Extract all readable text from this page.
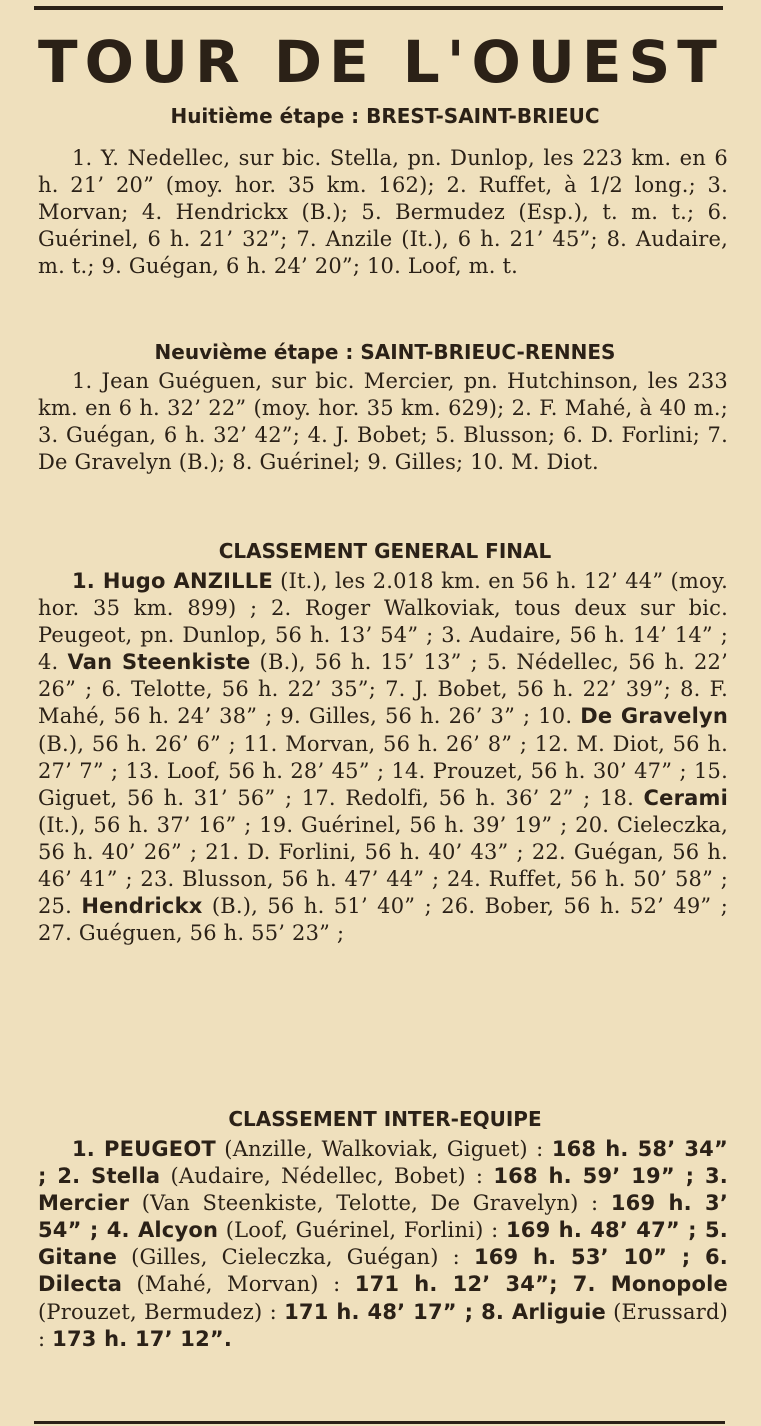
TOUR DE L'OUEST
Huitième étape : BREST-SAINT-BRIEUC
1. Y. Nedellec, sur bic. Stella, pn. Dunlop, les 223 km. en 6 h. 21’ 20” (moy. hor. 35 km. 162); 2. Ruffet, à 1/2 long.; 3. Morvan; 4. Hendrickx (B.); 5. Bermudez (Esp.), t. m. t.; 6. Guérinel, 6 h. 21’ 32”; 7. Anzile (It.), 6 h. 21’ 45”; 8. Audaire, m. t.; 9. Guégan, 6 h. 24’ 20”; 10. Loof, m. t.
Neuvième étape : SAINT-BRIEUC-RENNES
1. Jean Guéguen, sur bic. Mercier, pn. Hutchinson, les 233 km. en 6 h. 32’ 22” (moy. hor. 35 km. 629); 2. F. Mahé, à 40 m.; 3. Guégan, 6 h. 32’ 42”; 4. J. Bobet; 5. Blusson; 6. D. Forlini; 7. De Gravelyn (B.); 8. Guérinel; 9. Gilles; 10. M. Diot.
CLASSEMENT GENERAL FINAL
1. Hugo ANZILLE (It.), les 2.018 km. en 56 h. 12’ 44” (moy. hor. 35 km. 899) ; 2. Roger Walkoviak, tous deux sur bic. Peugeot, pn. Dunlop, 56 h. 13’ 54” ; 3. Audaire, 56 h. 14’ 14” ; 4. Van Steenkiste (B.), 56 h. 15’ 13” ; 5. Nédellec, 56 h. 22’ 26” ; 6. Telotte, 56 h. 22’ 35”; 7. J. Bobet, 56 h. 22’ 39”; 8. F. Mahé, 56 h. 24’ 38” ; 9. Gilles, 56 h. 26’ 3” ; 10. De Gravelyn (B.), 56 h. 26’ 6” ; 11. Morvan, 56 h. 26’ 8” ; 12. M. Diot, 56 h. 27’ 7” ; 13. Loof, 56 h. 28’ 45” ; 14. Prouzet, 56 h. 30’ 47” ; 15. Giguet, 56 h. 31’ 56” ; 17. Redolfi, 56 h. 36’ 2” ; 18. Cerami (It.), 56 h. 37’ 16” ; 19. Guérinel, 56 h. 39’ 19” ; 20. Cieleczka, 56 h. 40’ 26” ; 21. D. Forlini, 56 h. 40’ 43” ; 22. Guégan, 56 h. 46’ 41” ; 23. Blusson, 56 h. 47’ 44” ; 24. Ruffet, 56 h. 50’ 58” ; 25. Hendrickx (B.), 56 h. 51’ 40” ; 26. Bober, 56 h. 52’ 49” ; 27. Guéguen, 56 h. 55’ 23” ;
CLASSEMENT INTER-EQUIPE
1. PEUGEOT (Anzille, Walkoviak, Giguet) : 168 h. 58’ 34” ; 2. Stella (Audaire, Nédellec, Bobet) : 168 h. 59’ 19” ; 3. Mercier (Van Steenkiste, Telotte, De Gravelyn) : 169 h. 3’ 54” ; 4. Alcyon (Loof, Guérinel, Forlini) : 169 h. 48’ 47” ; 5. Gitane (Gilles, Cieleczka, Guégan) : 169 h. 53’ 10” ; 6. Dilecta (Mahé, Morvan) : 171 h. 12’ 34”; 7. Monopole (Prouzet, Bermudez) : 171 h. 48’ 17” ; 8. Arliguie (Erussard) : 173 h. 17’ 12”.
